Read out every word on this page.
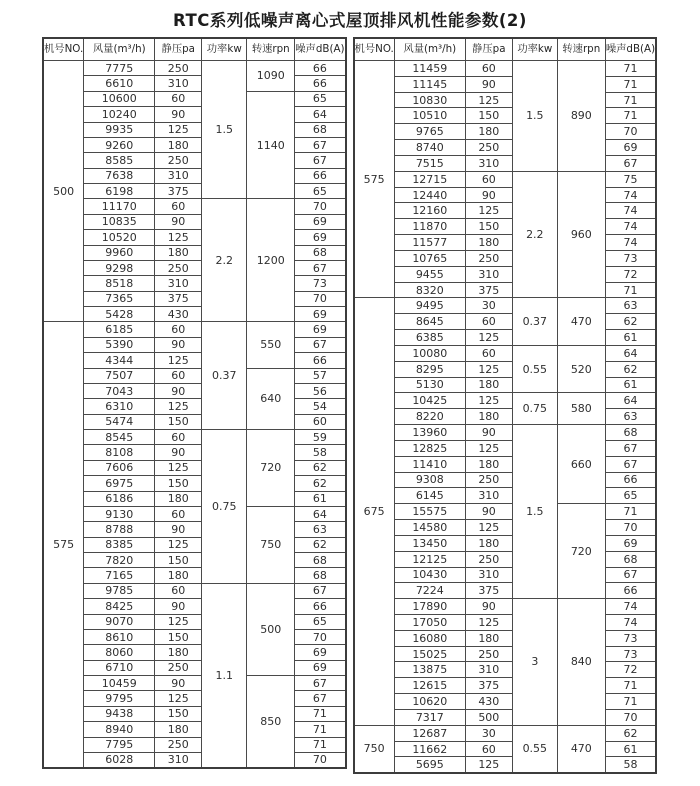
RTC系列低噪声离心式屋顶排风机性能参数(2)
机号NO.	风量(m³/h)	静压pa	功率kw	转速rpn	噪声dB(A)
500	7775	250	1.5	1090	66
	6610	310			66
	10600	60		1140	65
	10240	90			64
	9935	125			68
	9260	180			67
	8585	250			67
	7638	310			66
	6198	375			65
	11170	60	2.2	1200	70
	10835	90			69
	10520	125			69
	9960	180			68
	9298	250			67
	8518	310			73
	7365	375			70
	5428	430			69
575	6185	60	0.37	550	69
	5390	90			67
	4344	125			66
	7507	60		640	57
	7043	90			56
	6310	125			54
	5474	150			60
	8545	60	0.75	720	59
	8108	90			58
	7606	125			62
	6975	150			62
	6186	180			61
	9130	60		750	64
	8788	90			63
	8385	125			62
	7820	150			68
	7165	180			68
	9785	60	1.1	500	67
	8425	90			66
	9070	125			65
	8610	150			70
	8060	180			69
	6710	250			69
	10459	90		850	67
	9795	125			67
	9438	150			71
	8940	180			71
	7795	250			71
	6028	310			70
机号NO.	风量(m³/h)	静压pa	功率kw	转速rpn	噪声dB(A)
575	11459	60	1.5	890	71
	11145	90			71
	10830	125			71
	10510	150			71
	9765	180			70
	8740	250			69
	7515	310			67
	12715	60	2.2	960	75
	12440	90			74
	12160	125			74
	11870	150			74
	11577	180			74
	10765	250			73
	9455	310			72
	8320	375			71
675	9495	30	0.37	470	63
	8645	60			62
	6385	125			61
	10080	60	0.55	520	64
	8295	125			62
	5130	180			61
	10425	125	0.75	580	64
	8220	180			63
	13960	90	1.5	660	68
	12825	125			67
	11410	180			67
	9308	250			66
	6145	310			65
	15575	90		720	71
	14580	125			70
	13450	180			69
	12125	250			68
	10430	310			67
	7224	375			66
	17890	90	3	840	74
	17050	125			74
	16080	180			73
	15025	250			73
	13875	310			72
	12615	375			71
	10620	430			71
	7317	500			70
750	12687	30	0.55	470	62
	11662	60			61
	5695	125			58
